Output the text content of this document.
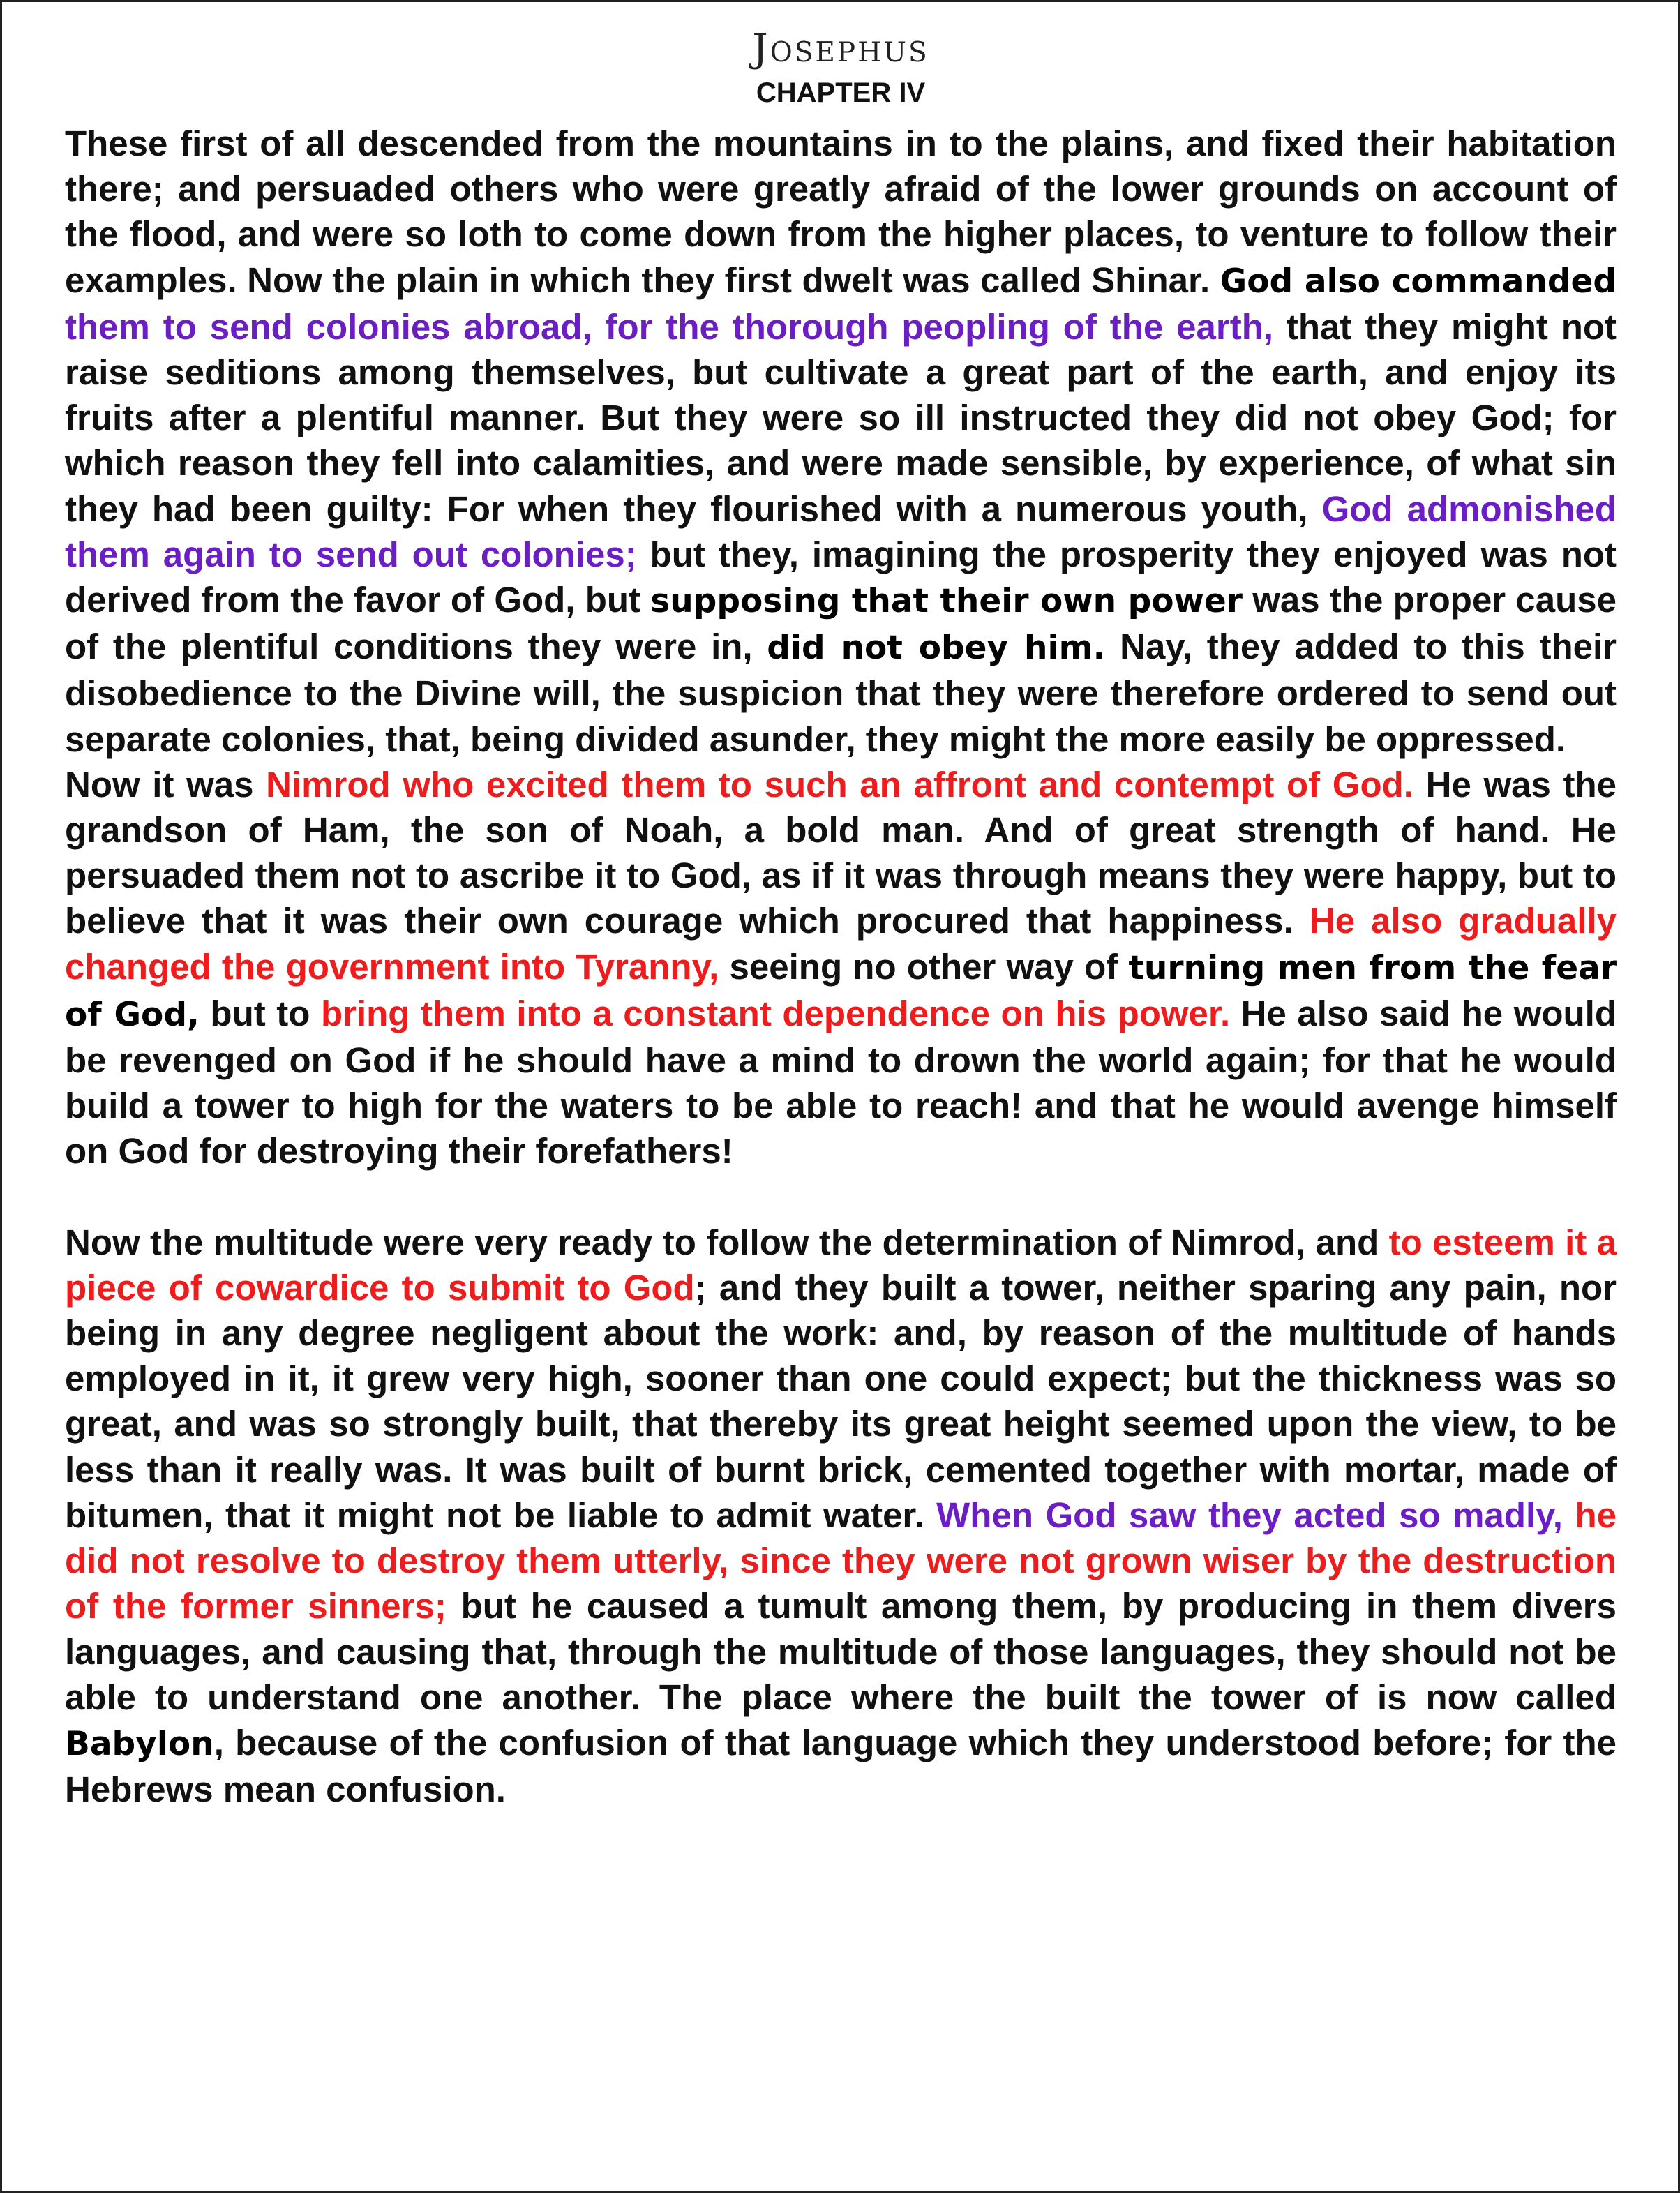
Josephus
CHAPTER IV

These first of all descended from the mountains in to the plains, and fixed their habitation there; and persuaded others who were greatly afraid of the lower grounds on account of the flood, and were so loth to come down from the higher places, to venture to follow their examples. Now the plain in which they first dwelt was called Shinar. God also commanded them to send colonies abroad, for the thorough peopling of the earth, that they might not raise seditions among themselves, but cultivate a great part of the earth, and enjoy its fruits after a plentiful manner. But they were so ill instructed they did not obey God; for which reason they fell into calamities, and were made sensible, by experience, of what sin they had been guilty: For when they flourished with a numerous youth, God admonished them again to send out colonies; but they, imagining the prosperity they enjoyed was not derived from the favor of God, but supposing that their own power was the proper cause of the plentiful conditions they were in, did not obey him. Nay, they added to this their disobedience to the Divine will, the suspicion that they were therefore ordered to send out separate colonies, that, being divided asunder, they might the more easily be oppressed.

Now it was Nimrod who excited them to such an affront and contempt of God. He was the grandson of Ham, the son of Noah, a bold man. And of great strength of hand. He persuaded them not to ascribe it to God, as if it was through means they were happy, but to believe that it was their own courage which procured that happiness. He also gradually changed the government into Tyranny, seeing no other way of turning men from the fear of God, but to bring them into a constant dependence on his power. He also said he would be revenged on God if he should have a mind to drown the world again; for that he would build a tower to high for the waters to be able to reach! and that he would avenge himself on God for destroying their forefathers!

Now the multitude were very ready to follow the determination of Nimrod, and to esteem it a piece of cowardice to submit to God; and they built a tower, neither sparing any pain, nor being in any degree negligent about the work: and, by reason of the multitude of hands employed in it, it grew very high, sooner than one could expect; but the thickness was so great, and was so strongly built, that thereby its great height seemed upon the view, to be less than it really was. It was built of burnt brick, cemented together with mortar, made of bitumen, that it might not be liable to admit water. When God saw they acted so madly, he did not resolve to destroy them utterly, since they were not grown wiser by the destruction of the former sinners; but he caused a tumult among them, by producing in them divers languages, and causing that, through the multitude of those languages, they should not be able to understand one another. The place where the built the tower of is now called Babylon, because of the confusion of that language which they understood before; for the Hebrews mean confusion.
